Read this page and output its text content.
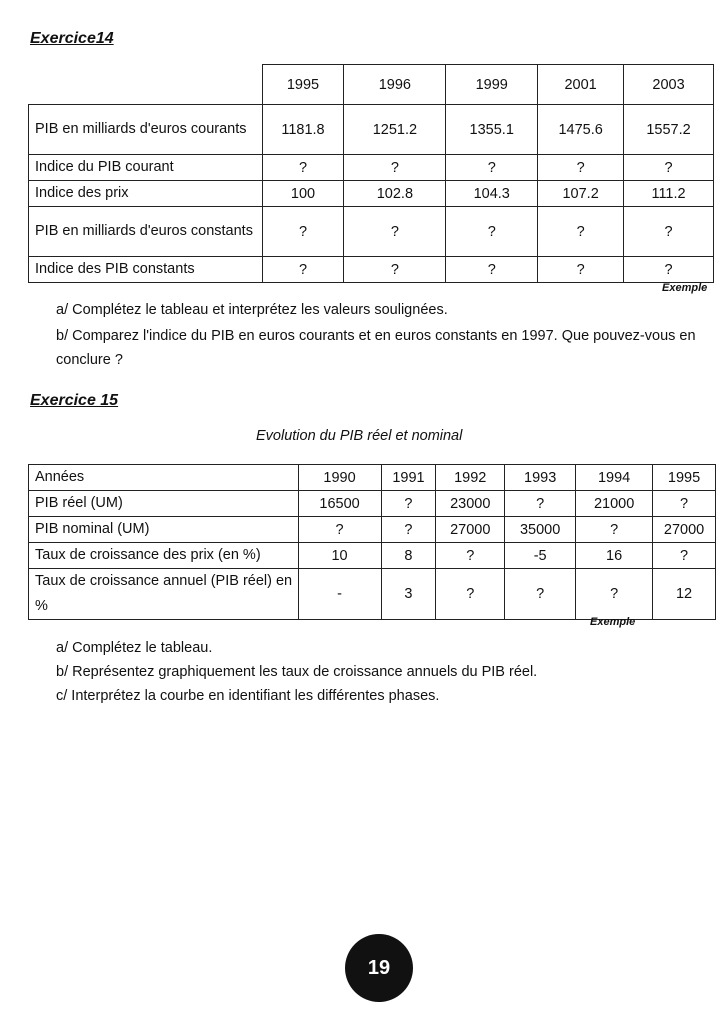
Exercice14
	1995	1996	1999	2001	2003
PIB en milliards d'euros courants	1181.8	1251.2	1355.1	1475.6	1557.2
Indice du PIB courant	?	?	?	?	?
Indice des prix	100	102.8	104.3	107.2	111.2
PIB en milliards d'euros constants	?	?	?	?	?
Indice des PIB constants	?	?	?	?	?
Exemple
a/ Complétez le tableau et interprétez les valeurs soulignées.
b/ Comparez l'indice du PIB en euros courants et en euros constants en 1997. Que pouvez-vous en conclure ?
Exercice 15
Evolution du PIB réel et nominal
Années	1990	1991	1992	1993	1994	1995
PIB réel (UM)	16500	?	23000	?	21000	?
PIB nominal (UM)	?	?	27000	35000	?	27000
Taux de croissance des prix (en %)	10	8	?	-5	16	?
Taux de croissance annuel (PIB réel) en %	-	3	?	?	?	12
Exemple
a/ Complétez le tableau.
b/ Représentez graphiquement les taux de croissance annuels du PIB réel.
c/ Interprétez la courbe en identifiant les différentes phases.
19
